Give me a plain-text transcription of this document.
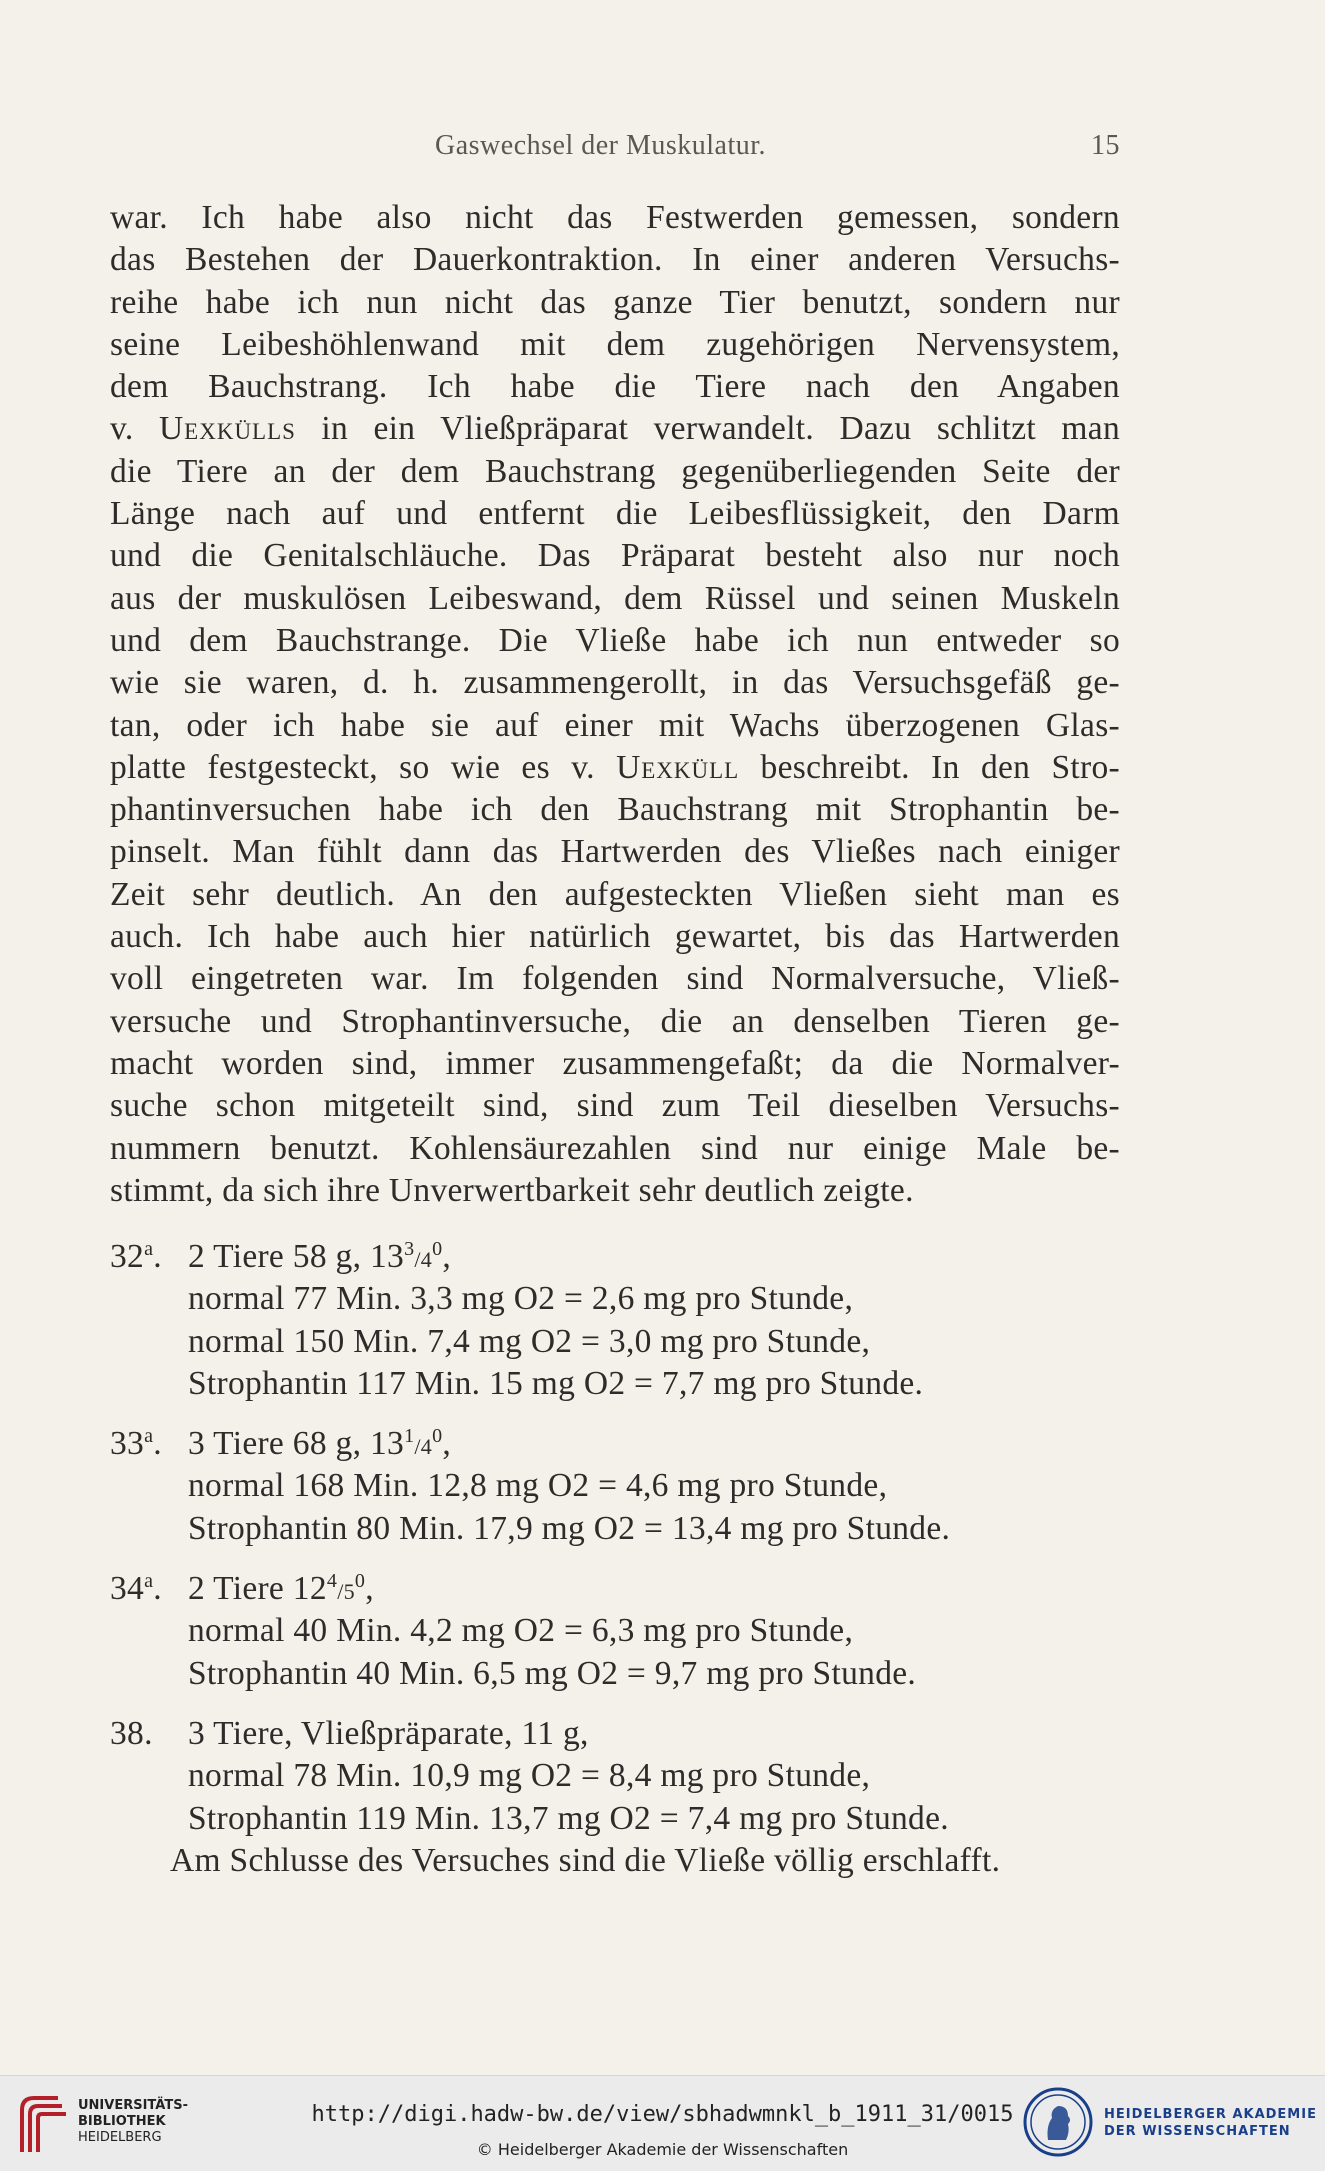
Gaswechsel der Muskulatur.	15
war. Ich habe also nicht das Festwerden gemessen, sondern
das Bestehen der Dauerkontraktion. In einer anderen Versuchs-
reihe habe ich nun nicht das ganze Tier benutzt, sondern nur
seine Leibeshöhlenwand mit dem zugehörigen Nervensystem,
dem Bauchstrang. Ich habe die Tiere nach den Angaben
v. Uexkülls in ein Vließpräparat verwandelt. Dazu schlitzt man
die Tiere an der dem Bauchstrang gegenüberliegenden Seite der
Länge nach auf und entfernt die Leibesflüssigkeit, den Darm
und die Genitalschläuche. Das Präparat besteht also nur noch
aus der muskulösen Leibeswand, dem Rüssel und seinen Muskeln
und dem Bauchstrange. Die Vließe habe ich nun entweder so
wie sie waren, d. h. zusammengerollt, in das Versuchsgefäß ge-
tan, oder ich habe sie auf einer mit Wachs überzogenen Glas-
platte festgesteckt, so wie es v. Uexküll beschreibt. In den Stro-
phantinversuchen habe ich den Bauchstrang mit Strophantin be-
pinselt. Man fühlt dann das Hartwerden des Vließes nach einiger
Zeit sehr deutlich. An den aufgesteckten Vließen sieht man es
auch. Ich habe auch hier natürlich gewartet, bis das Hartwerden
voll eingetreten war. Im folgenden sind Normalversuche, Vließ-
versuche und Strophantinversuche, die an denselben Tieren ge-
macht worden sind, immer zusammengefaßt; da die Normalver-
suche schon mitgeteilt sind, sind zum Teil dieselben Versuchs-
nummern benutzt. Kohlensäurezahlen sind nur einige Male be-
stimmt, da sich ihre Unverwertbarkeit sehr deutlich zeigte.
32$^a$. 2 Tiere 58 g, $13^3/4^0$,
normal 77 Min. 3,3 mg O2 = 2,6 mg pro Stunde,
normal 150 Min. 7,4 mg O2 = 3,0 mg pro Stunde,
Strophantin 117 Min. 15 mg O2 = 7,7 mg pro Stunde.
33$^a$. 3 Tiere 68 g, $13^1/4^0$,
normal 168 Min. 12,8 mg O2 = 4,6 mg pro Stunde,
Strophantin 80 Min. 17,9 mg O2 = 13,4 mg pro Stunde.
34$^a$. 2 Tiere $12^4/5^0$,
normal 40 Min. 4,2 mg O2 = 6,3 mg pro Stunde,
Strophantin 40 Min. 6,5 mg O2 = 9,7 mg pro Stunde.
38. 3 Tiere, Vließpräparate, 11 g,
normal 78 Min. 10,9 mg O2 = 8,4 mg pro Stunde,
Strophantin 119 Min. 13,7 mg O2 = 7,4 mg pro Stunde.
Am Schlusse des Versuches sind die Vließe völlig erschlafft.
UNIVERSITÄTS-
BIBLIOTHEK
HEIDELBERG
http://digi.hadw-bw.de/view/sbhadwmnkl_b_1911_31/0015
© Heidelberger Akademie der Wissenschaften
HEIDELBERGER AKADEMIE
DER WISSENSCHAFTEN
